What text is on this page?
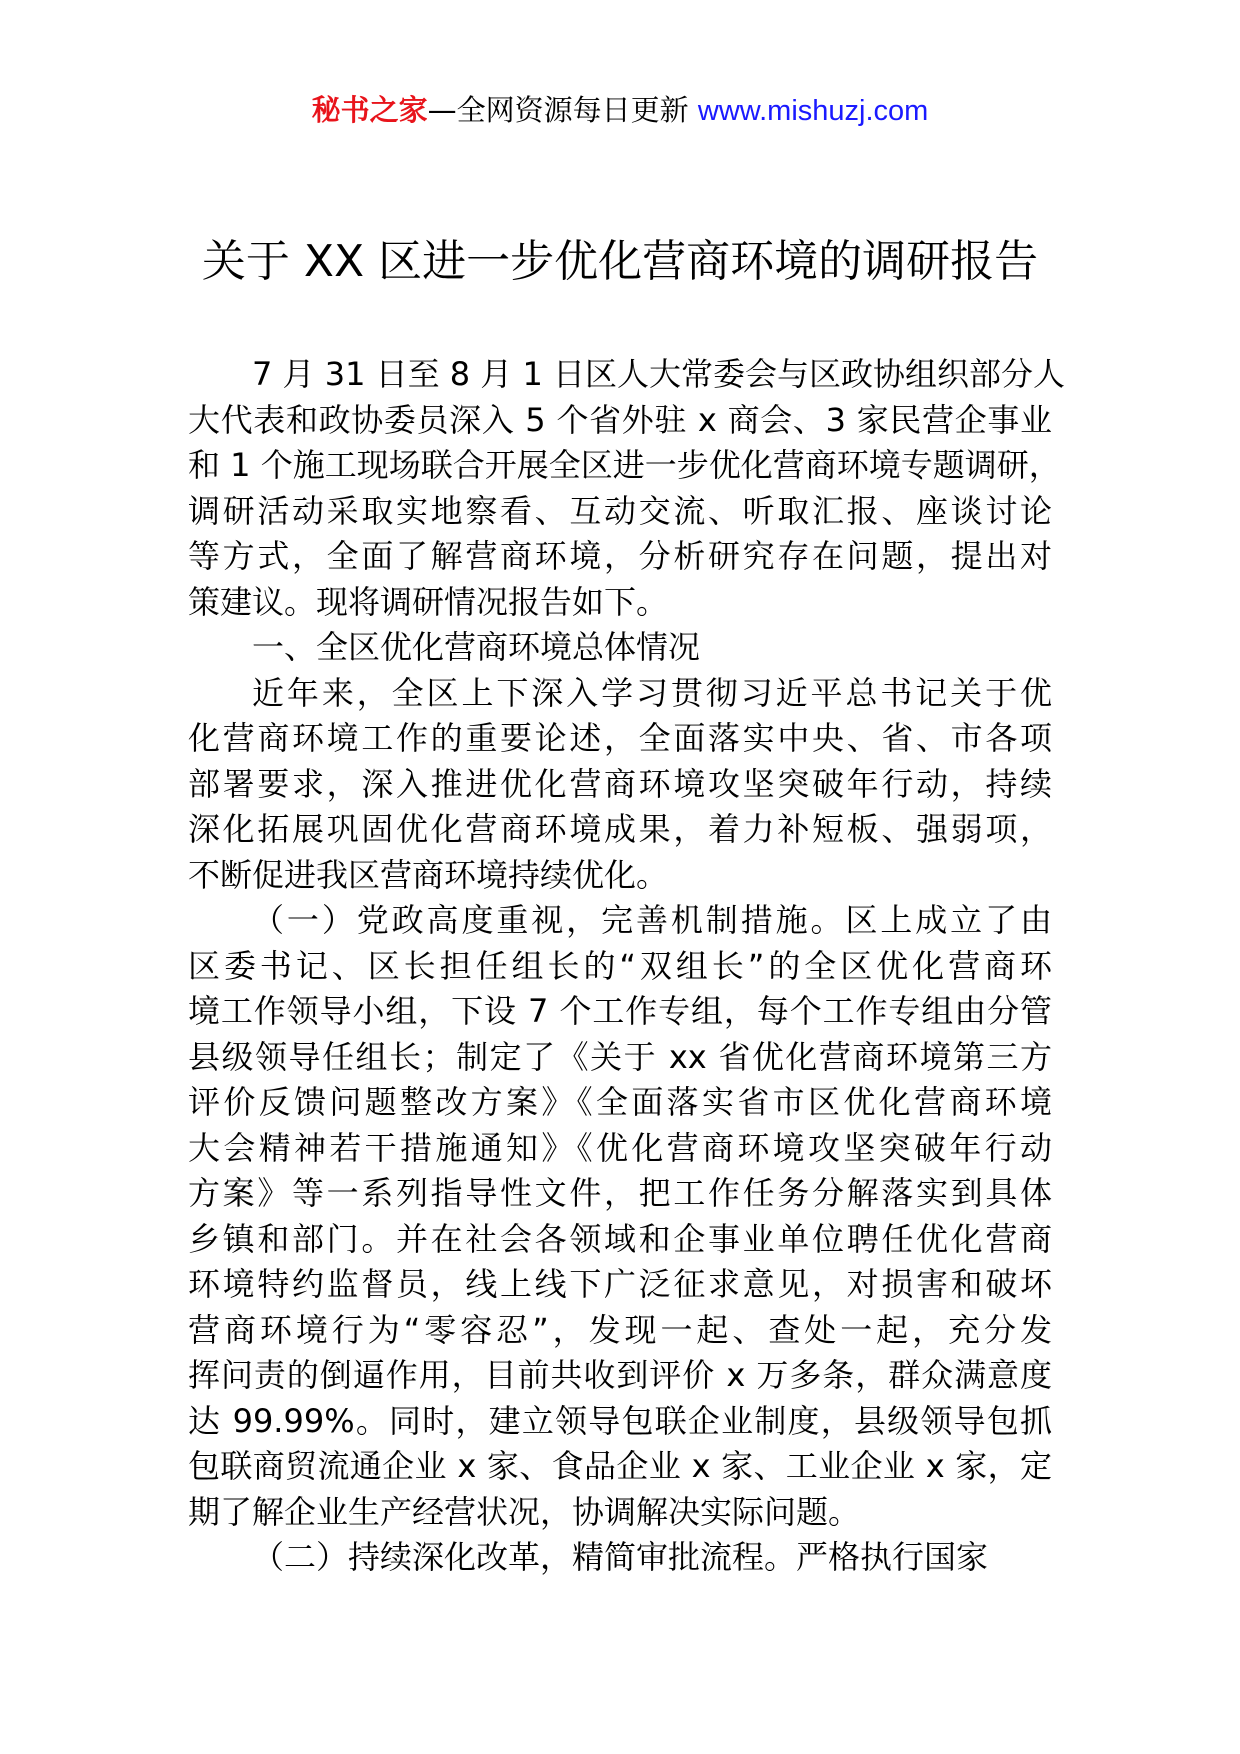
秘书之家—全网资源每日更新 www.mishuzj.com
关于 XX 区进一步优化营商环境的调研报告
7 月 31 日至 8 月 1 日区人大常委会与区政协组织部分人
大代表和政协委员深入 5 个省外驻 x 商会、3 家民营企事业
和 1 个施工现场联合开展全区进一步优化营商环境专题调研，
调研活动采取实地察看、互动交流、听取汇报、座谈讨论
等方式，全面了解营商环境，分析研究存在问题，提出对
策建议。现将调研情况报告如下。
一、全区优化营商环境总体情况
近年来，全区上下深入学习贯彻习近平总书记关于优
化营商环境工作的重要论述，全面落实中央、省、市各项
部署要求，深入推进优化营商环境攻坚突破年行动，持续
深化拓展巩固优化营商环境成果，着力补短板、强弱项，
不断促进我区营商环境持续优化。
（一）党政高度重视，完善机制措施。区上成立了由
区委书记、区长担任组长的“双组长”的全区优化营商环
境工作领导小组，下设 7 个工作专组，每个工作专组由分管
县级领导任组长；制定了《关于 xx 省优化营商环境第三方
评价反馈问题整改方案》《全面落实省市区优化营商环境
大会精神若干措施通知》《优化营商环境攻坚突破年行动
方案》等一系列指导性文件，把工作任务分解落实到具体
乡镇和部门。并在社会各领域和企事业单位聘任优化营商
环境特约监督员，线上线下广泛征求意见，对损害和破坏
营商环境行为“零容忍”，发现一起、查处一起，充分发
挥问责的倒逼作用，目前共收到评价 x 万多条，群众满意度
达 99.99%。同时，建立领导包联企业制度，县级领导包抓
包联商贸流通企业 x 家、食品企业 x 家、工业企业 x 家，定
期了解企业生产经营状况，协调解决实际问题。
（二）持续深化改革，精简审批流程。严格执行国家
